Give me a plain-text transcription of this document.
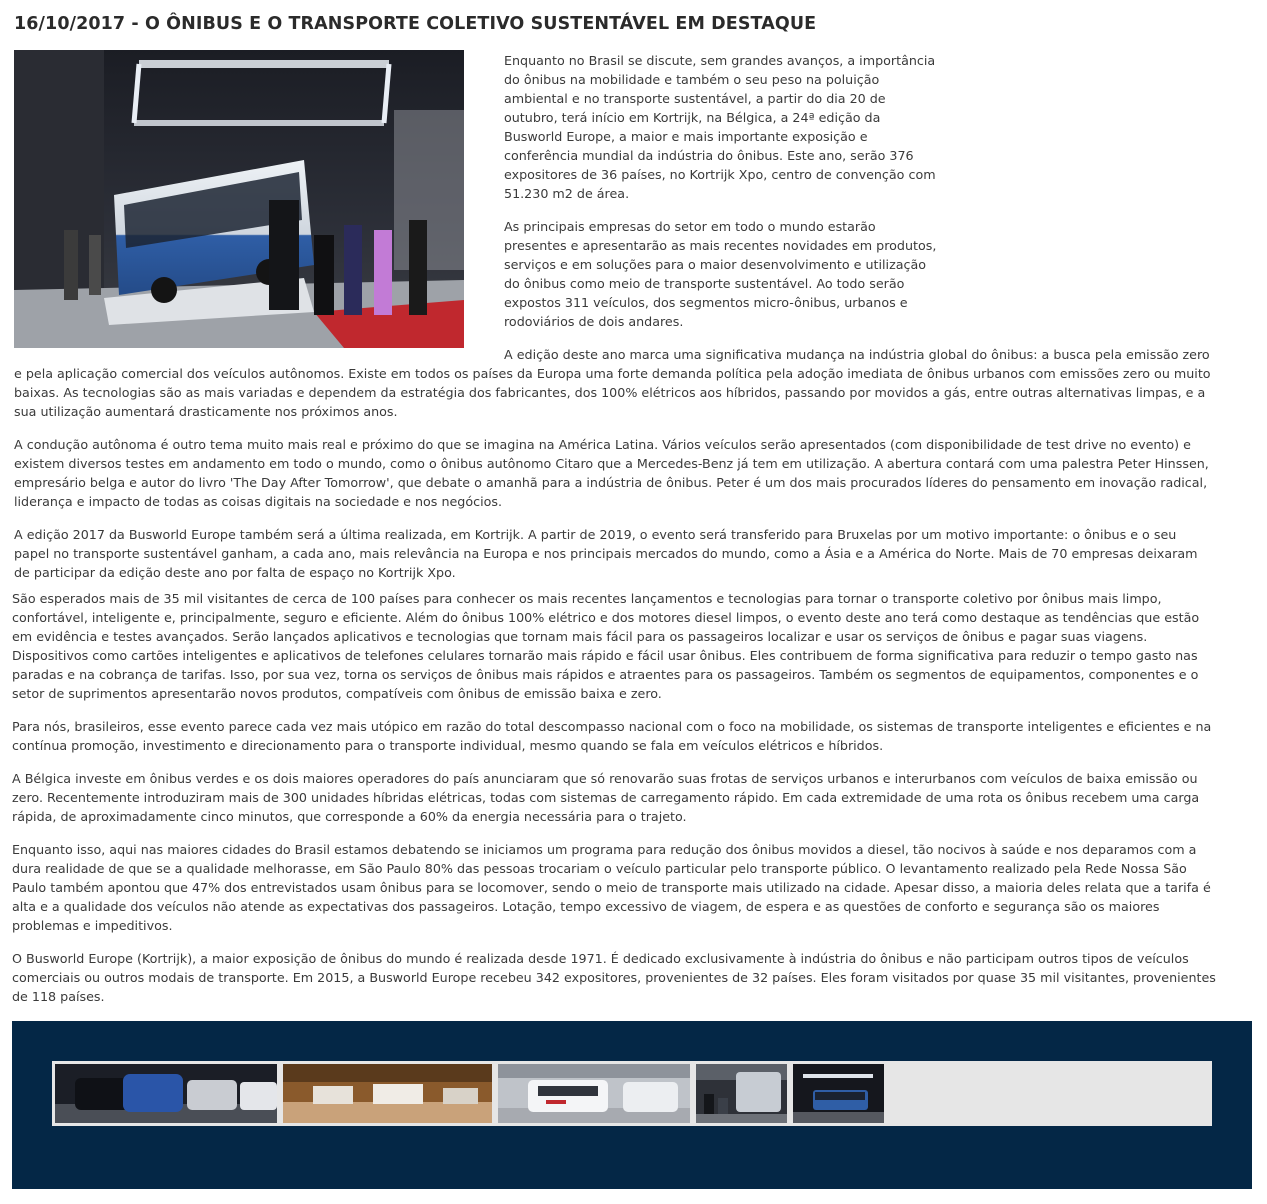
16/10/2017 - O ÔNIBUS E O TRANSPORTE COLETIVO SUSTENTÁVEL EM DESTAQUE

Enquanto no Brasil se discute, sem grandes avanços, a importância do ônibus na mobilidade e também o seu peso na poluição ambiental e no transporte sustentável, a partir do dia 20 de outubro, terá início em Kortrijk, na Bélgica, a 24ª edição da Busworld Europe, a maior e mais importante exposição e conferência mundial da indústria do ônibus. Este ano, serão 376 expositores de 36 países, no Kortrijk Xpo, centro de convenção com 51.230 m2 de área.

As principais empresas do setor em todo o mundo estarão presentes e apresentarão as mais recentes novidades em produtos, serviços e em soluções para o maior desenvolvimento e utilização do ônibus como meio de transporte sustentável. Ao todo serão expostos 311 veículos, dos segmentos micro-ônibus, urbanos e rodoviários de dois andares.

A edição deste ano marca uma significativa mudança na indústria global do ônibus: a busca pela emissão zero e pela aplicação comercial dos veículos autônomos. Existe em todos os países da Europa uma forte demanda política pela adoção imediata de ônibus urbanos com emissões zero ou muito baixas. As tecnologias são as mais variadas e dependem da estratégia dos fabricantes, dos 100% elétricos aos híbridos, passando por movidos a gás, entre outras alternativas limpas, e a sua utilização aumentará drasticamente nos próximos anos.

A condução autônoma é outro tema muito mais real e próximo do que se imagina na América Latina. Vários veículos serão apresentados (com disponibilidade de test drive no evento) e existem diversos testes em andamento em todo o mundo, como o ônibus autônomo Citaro que a Mercedes-Benz já tem em utilização. A abertura contará com uma palestra Peter Hinssen, empresário belga e autor do livro 'The Day After Tomorrow', que debate o amanhã para a indústria de ônibus. Peter é um dos mais procurados líderes do pensamento em inovação radical, liderança e impacto de todas as coisas digitais na sociedade e nos negócios.

A edição 2017 da Busworld Europe também será a última realizada, em Kortrijk. A partir de 2019, o evento será transferido para Bruxelas por um motivo importante: o ônibus e o seu papel no transporte sustentável ganham, a cada ano, mais relevância na Europa e nos principais mercados do mundo, como a Ásia e a América do Norte. Mais de 70 empresas deixaram de participar da edição deste ano por falta de espaço no Kortrijk Xpo.

São esperados mais de 35 mil visitantes de cerca de 100 países para conhecer os mais recentes lançamentos e tecnologias para tornar o transporte coletivo por ônibus mais limpo, confortável, inteligente e, principalmente, seguro e eficiente. Além do ônibus 100% elétrico e dos motores diesel limpos, o evento deste ano terá como destaque as tendências que estão em evidência e testes avançados. Serão lançados aplicativos e tecnologias que tornam mais fácil para os passageiros localizar e usar os serviços de ônibus e pagar suas viagens. Dispositivos como cartões inteligentes e aplicativos de telefones celulares tornarão mais rápido e fácil usar ônibus. Eles contribuem de forma significativa para reduzir o tempo gasto nas paradas e na cobrança de tarifas. Isso, por sua vez, torna os serviços de ônibus mais rápidos e atraentes para os passageiros. Também os segmentos de equipamentos, componentes e o setor de suprimentos apresentarão novos produtos, compatíveis com ônibus de emissão baixa e zero.

Para nós, brasileiros, esse evento parece cada vez mais utópico em razão do total descompasso nacional com o foco na mobilidade, os sistemas de transporte inteligentes e eficientes e na contínua promoção, investimento e direcionamento para o transporte individual, mesmo quando se fala em veículos elétricos e híbridos.

A Bélgica investe em ônibus verdes e os dois maiores operadores do país anunciaram que só renovarão suas frotas de serviços urbanos e interurbanos com veículos de baixa emissão ou zero. Recentemente introduziram mais de 300 unidades híbridas elétricas, todas com sistemas de carregamento rápido. Em cada extremidade de uma rota os ônibus recebem uma carga rápida, de aproximadamente cinco minutos, que corresponde a 60% da energia necessária para o trajeto.

Enquanto isso, aqui nas maiores cidades do Brasil estamos debatendo se iniciamos um programa para redução dos ônibus movidos a diesel, tão nocivos à saúde e nos deparamos com a dura realidade de que se a qualidade melhorasse, em São Paulo 80% das pessoas trocariam o veículo particular pelo transporte público. O levantamento realizado pela Rede Nossa São Paulo também apontou que 47% dos entrevistados usam ônibus para se locomover, sendo o meio de transporte mais utilizado na cidade. Apesar disso, a maioria deles relata que a tarifa é alta e a qualidade dos veículos não atende as expectativas dos passageiros. Lotação, tempo excessivo de viagem, de espera e as questões de conforto e segurança são os maiores problemas e impeditivos.

O Busworld Europe (Kortrijk), a maior exposição de ônibus do mundo é realizada desde 1971. É dedicado exclusivamente à indústria do ônibus e não participam outros tipos de veículos comerciais ou outros modais de transporte. Em 2015, a Busworld Europe recebeu 342 expositores, provenientes de 32 países. Eles foram visitados por quase 35 mil visitantes, provenientes de 118 países.
